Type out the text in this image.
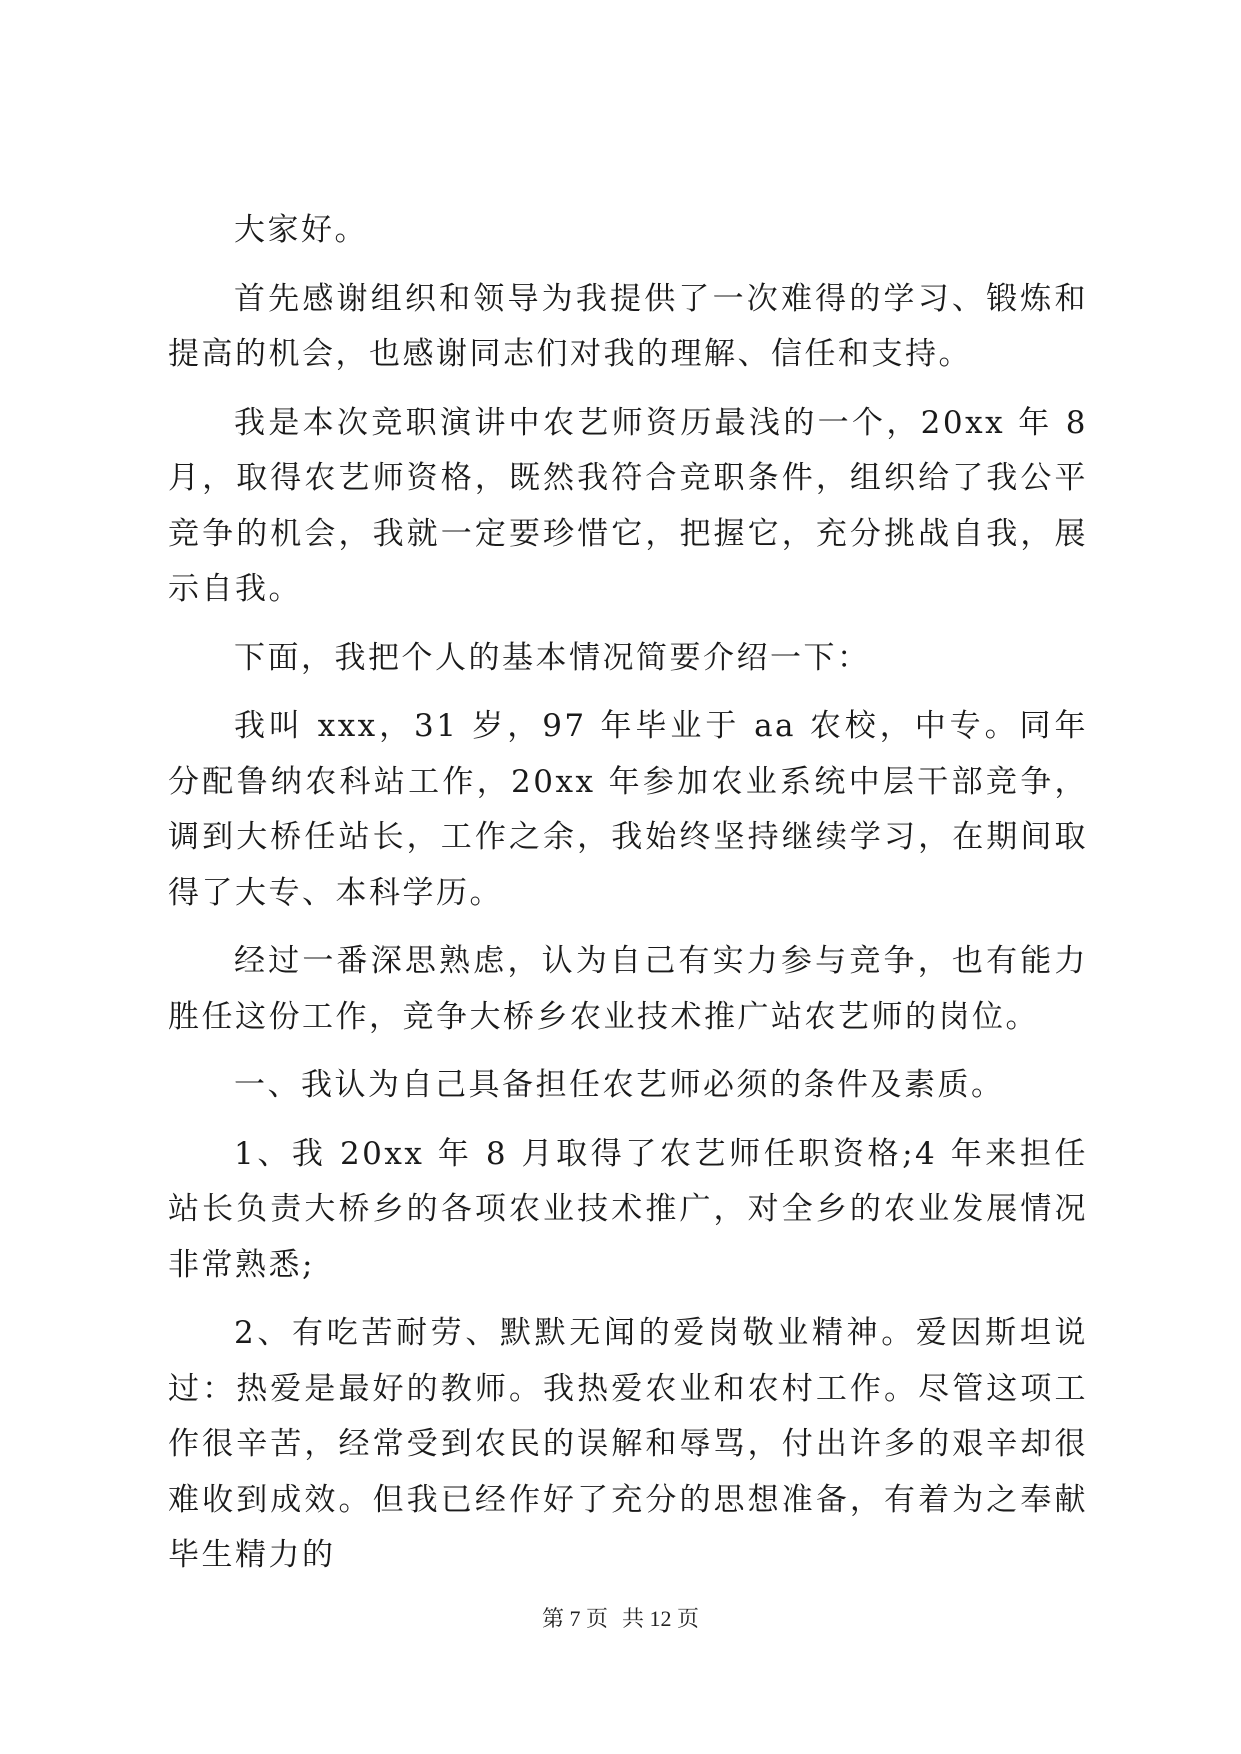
大家好。

首先感谢组织和领导为我提供了一次难得的学习、锻炼和提高的机会，也感谢同志们对我的理解、信任和支持。

我是本次竞职演讲中农艺师资历最浅的一个，20xx 年 8 月，取得农艺师资格，既然我符合竞职条件，组织给了我公平竞争的机会，我就一定要珍惜它，把握它，充分挑战自我，展示自我。

下面，我把个人的基本情况简要介绍一下：

我叫 xxx，31 岁，97 年毕业于 aa 农校，中专。同年分配鲁纳农科站工作，20xx 年参加农业系统中层干部竞争，调到大桥任站长，工作之余，我始终坚持继续学习，在期间取得了大专、本科学历。

经过一番深思熟虑，认为自己有实力参与竞争，也有能力胜任这份工作，竞争大桥乡农业技术推广站农艺师的岗位。

一、我认为自己具备担任农艺师必须的条件及素质。

1、我 20xx 年 8 月取得了农艺师任职资格;4 年来担任站长负责大桥乡的各项农业技术推广，对全乡的农业发展情况非常熟悉;

2、有吃苦耐劳、默默无闻的爱岗敬业精神。爱因斯坦说过：热爱是最好的教师。我热爱农业和农村工作。尽管这项工作很辛苦，经常受到农民的误解和辱骂，付出许多的艰辛却很难收到成效。但我已经作好了充分的思想准备，有着为之奉献毕生精力的

第 7 页 共 12 页
